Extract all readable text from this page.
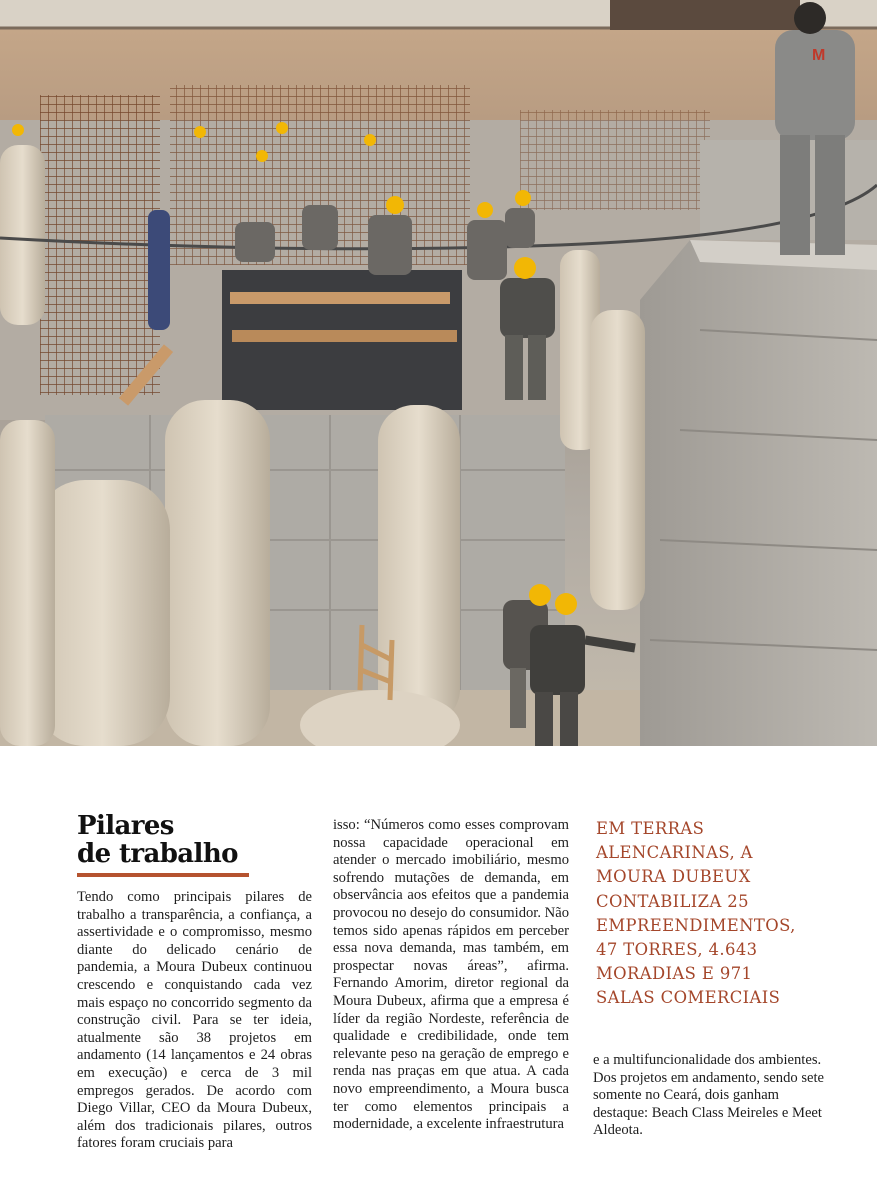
M
Pilares
de trabalho

Tendo como principais pilares de trabalho a transparência, a confiança, a assertividade e o compromisso, mesmo diante do delicado cenário de pandemia, a Moura Dubeux continuou crescendo e conquistando cada vez mais espaço no concorrido segmento da construção civil. Para se ter ideia, atualmente são 38 projetos em andamento (14 lançamentos e 24 obras em execução) e cerca de 3 mil empregos gerados. De acordo com Diego Villar, CEO da Moura Dubeux, além dos tradicionais pilares, outros fatores foram cruciais para

isso: “Números como esses comprovam nossa capacidade operacional em atender o mercado imobiliário, mesmo sofrendo mutações de demanda, em observância aos efeitos que a pandemia provocou no desejo do consumidor. Não temos sido apenas rápidos em perceber essa nova demanda, mas também, em prospectar novas áreas”, afirma. Fernando Amorim, diretor regional da Moura Dubeux, afirma que a empresa é líder da região Nordeste, referência de qualidade e credibilidade, onde tem relevante peso na geração de emprego e renda nas praças em que atua. A cada novo empreendimento, a Moura busca ter como elementos principais a modernidade, a excelente infraestrutura

EM TERRAS
ALENCARINAS, A
MOURA DUBEUX
CONTABILIZA 25
EMPREENDIMENTOS,
47 TORRES, 4.643
MORADIAS E 971
SALAS COMERCIAIS

e a multifuncionalidade dos ambientes. Dos projetos em andamento, sendo sete somente no Ceará, dois ganham destaque: Beach Class Meireles e Meet Aldeota.
